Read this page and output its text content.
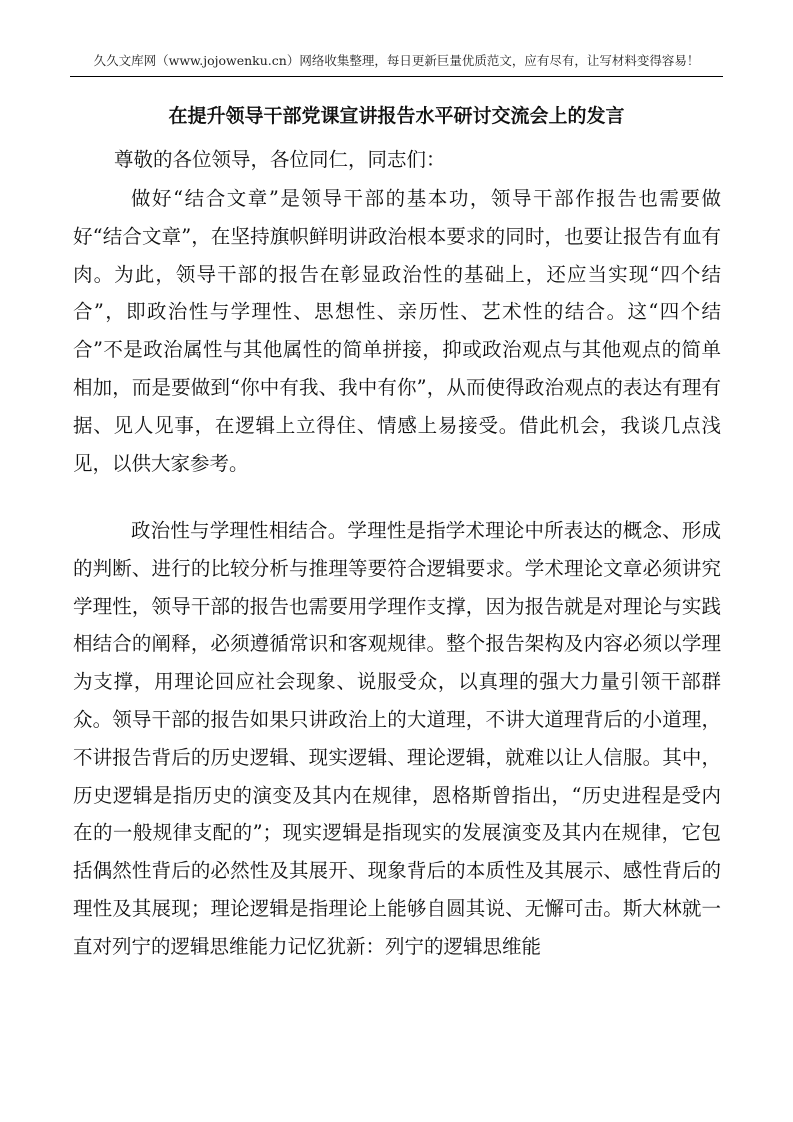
久久文库网（www.jojowenku.cn）网络收集整理，每日更新巨量优质范文，应有尽有，让写材料变得容易！
在提升领导干部党课宣讲报告水平研讨交流会上的发言
尊敬的各位领导，各位同仁，同志们：

做好“结合文章”是领导干部的基本功，领导干部作报告也需要做好“结合文章”，在坚持旗帜鲜明讲政治根本要求的同时，也要让报告有血有肉。为此，领导干部的报告在彰显政治性的基础上，还应当实现“四个结合”，即政治性与学理性、思想性、亲历性、艺术性的结合。这“四个结合”不是政治属性与其他属性的简单拼接，抑或政治观点与其他观点的简单相加，而是要做到“你中有我、我中有你”，从而使得政治观点的表达有理有据、见人见事，在逻辑上立得住、情感上易接受。借此机会，我谈几点浅见，以供大家参考。

政治性与学理性相结合。学理性是指学术理论中所表达的概念、形成的判断、进行的比较分析与推理等要符合逻辑要求。学术理论文章必须讲究学理性，领导干部的报告也需要用学理作支撑，因为报告就是对理论与实践相结合的阐释，必须遵循常识和客观规律。整个报告架构及内容必须以学理为支撑，用理论回应社会现象、说服受众，以真理的强大力量引领干部群众。领导干部的报告如果只讲政治上的大道理，不讲大道理背后的小道理，不讲报告背后的历史逻辑、现实逻辑、理论逻辑，就难以让人信服。其中，历史逻辑是指历史的演变及其内在规律，恩格斯曾指出，“历史进程是受内在的一般规律支配的”；现实逻辑是指现实的发展演变及其内在规律，它包括偶然性背后的必然性及其展开、现象背后的本质性及其展示、感性背后的理性及其展现；理论逻辑是指理论上能够自圆其说、无懈可击。斯大林就一直对列宁的逻辑思维能力记忆犹新：列宁的逻辑思维能
